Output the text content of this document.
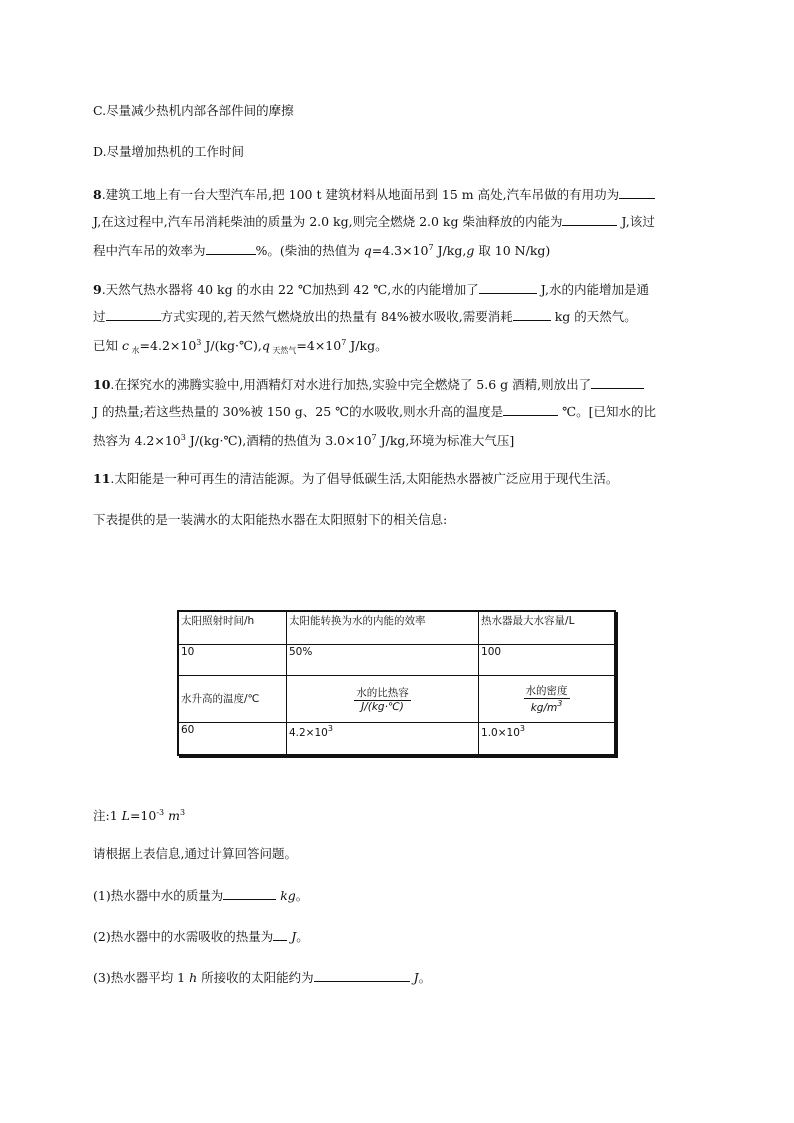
C.尽量减少热机内部各部件间的摩擦
D.尽量增加热机的工作时间
8.建筑工地上有一台大型汽车吊,把 100 t 建筑材料从地面吊到 15 m 高处,汽车吊做的有用功为
J,在这过程中,汽车吊消耗柴油的质量为 2.0 kg,则完全燃烧 2.0 kg 柴油释放的内能为	J,该过
程中汽车吊的效率为	%。(柴油的热值为 $q=4.3\times 10^7$ J/kg,g 取 10 N/kg)
9.天然气热水器将 40 kg 的水由 22 ℃加热到 42 ℃,水的内能增加了	J,水的内能增加是通
过	方式实现的,若天然气燃烧放出的热量有 84%被水吸收,需要消耗	kg 的天然气。
已知 c $_水=4.2\times 10^3$ J/(kg·℃),q $_{天然气}=4\times 10^7$ J/kg。
10.在探究水的沸腾实验中,用酒精灯对水进行加热,实验中完全燃烧了 5.6 g 酒精,则放出了
J 的热量;若这些热量的 30%被 150 g、25 ℃的水吸收,则水升高的温度是	℃。[已知水的比
热容为 $4.2\times 10^3$ J/(kg·℃),酒精的热值为 $3.0\times 10^7$ J/kg,环境为标准大气压]
11.太阳能是一种可再生的清洁能源。为了倡导低碳生活,太阳能热水器被广泛应用于现代生活。
下表提供的是一装满水的太阳能热水器在太阳照射下的相关信息:
太阳照射时间/h	太阳能转换为水的内能的效率	热水器最大水容量/L
10	50%	100
水升高的温度/℃	$\frac{\text{水的比热容}}{J/(kg\cdot℃)}$	$\frac{\text{水的密度}}{kg/m^3}$

60	$4.2\times 10^3$	$1.0\times 10^3$
注:1 $L=10^{-3}$ $m^3$
请根据上表信息,通过计算回答问题。
(1)热水器中水的质量为	kg。
(2)热水器中的水需吸收的热量为 J。
(3)热水器平均 1 h 所接收的太阳能约为	J。
